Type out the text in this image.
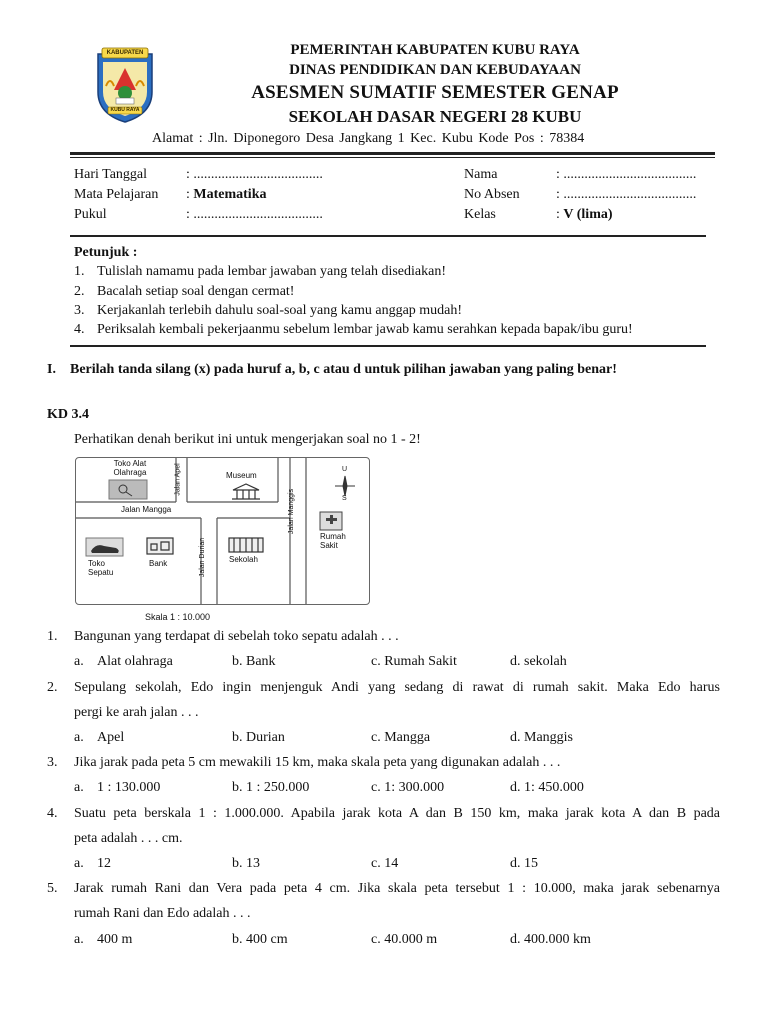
KABUPATEN
KUBU RAYA
PEMERINTAH KABUPATEN KUBU RAYA
DINAS PENDIDIKAN DAN KEBUDAYAAN
ASESMEN SUMATIF SEMESTER GENAP
SEKOLAH DASAR NEGERI 28 KUBU
Alamat : Jln. Diponegoro Desa Jangkang 1 Kec. Kubu Kode Pos : 78384
Hari Tanggal	: .....................................
Mata Pelajaran : Matematika
Pukul	: .....................................
Nama	: ......................................
No Absen	: ......................................
Kelas	: V (lima)
Petunjuk :
1. Tulislah namamu pada lembar jawaban yang telah disediakan!
2. Bacalah setiap soal dengan cermat!
3. Kerjakanlah terlebih dahulu soal-soal yang kamu anggap mudah!
4. Periksalah kembali pekerjaanmu sebelum lembar jawab kamu serahkan kepada bapak/ibu guru!
I. Berilah tanda silang (x) pada huruf a, b, c atau d untuk pilihan jawaban yang paling benar!
KD 3.4
Perhatikan denah berikut ini untuk mengerjakan soal no 1 - 2!
Toko Alat
Olahraga	Jalan Apel	Museum
Jalan Manggis
U
S
Jalan Mangga
Rumah
Sakit
Toko
Sepatu
Bank	Jalan Durian	Sekolah
Skala 1 : 10.000
1. Bangunan yang terdapat di sebelah toko sepatu adalah . . .
a. Alat olahraga	b. Bank	c. Rumah Sakit	d. sekolah
2. Sepulang sekolah, Edo ingin menjenguk Andi yang sedang di rawat di rumah sakit. Maka Edo harus
pergi ke arah jalan . . .
a. Apel	b. Durian	c. Mangga	d. Manggis
3. Jika jarak pada peta 5 cm mewakili 15 km, maka skala peta yang digunakan adalah . . .
a. 1 : 130.000	b. 1 : 250.000	c. 1: 300.000	d. 1: 450.000
4. Suatu peta berskala 1 : 1.000.000. Apabila jarak kota A dan B 150 km, maka jarak kota A dan B pada
peta adalah . . . cm.
a. 12	b. 13	c. 14	d. 15
5. Jarak rumah Rani dan Vera pada peta 4 cm. Jika skala peta tersebut 1 : 10.000, maka jarak sebenarnya
rumah Rani dan Edo adalah . . .
a. 400 m	b. 400 cm	c. 40.000 m	d. 400.000 km
